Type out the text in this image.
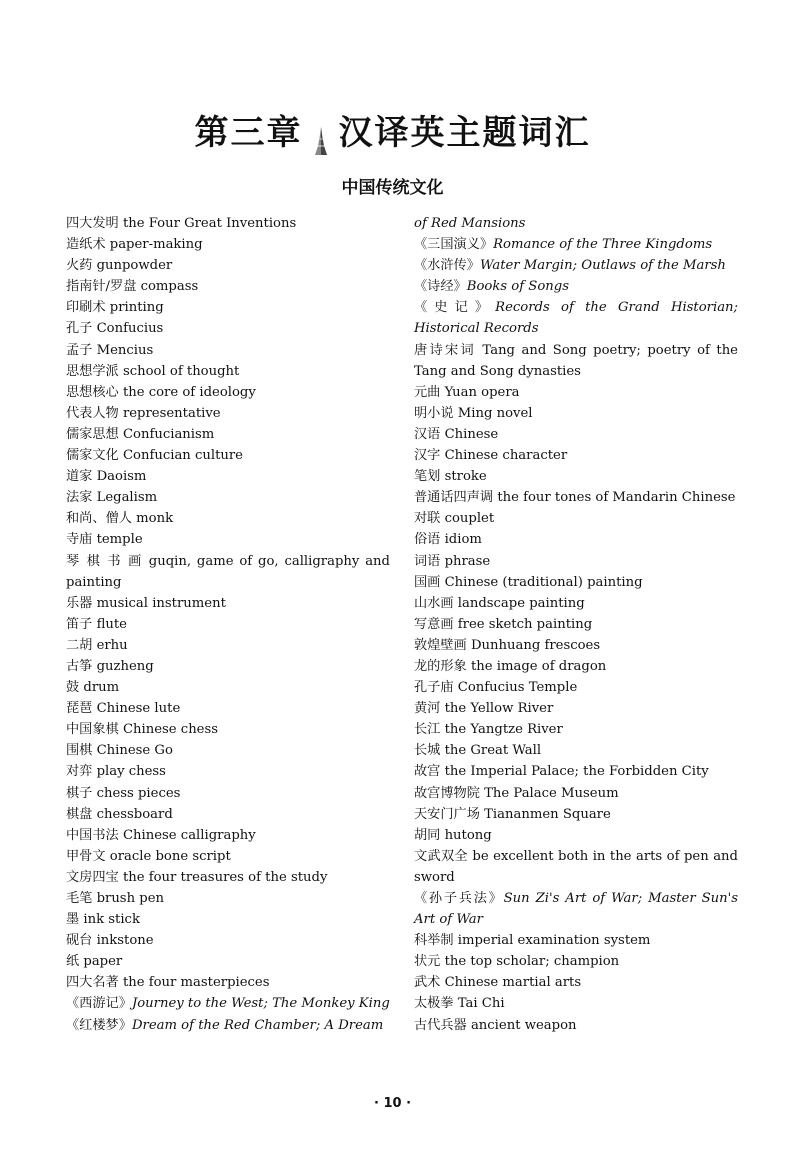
第三章 汉译英主题词汇
中国传统文化

四大发明 the Four Great Inventions

造纸术 paper-making

火药 gunpowder

指南针/罗盘 compass

印刷术 printing

孔子 Confucius

孟子 Mencius

思想学派 school of thought

思想核心 the core of ideology

代表人物 representative

儒家思想 Confucianism

儒家文化 Confucian culture

道家 Daoism

法家 Legalism

和尚、僧人 monk

寺庙 temple

琴 棋 书 画 guqin, game of go, calligraphy and painting

乐器 musical instrument

笛子 flute

二胡 erhu

古筝 guzheng

鼓 drum

琵琶 Chinese lute

中国象棋 Chinese chess

围棋 Chinese Go

对弈 play chess

棋子 chess pieces

棋盘 chessboard

中国书法 Chinese calligraphy

甲骨文 oracle bone script

文房四宝 the four treasures of the study

毛笔 brush pen

墨 ink stick

砚台 inkstone

纸 paper

四大名著 the four masterpieces

《西游记》Journey to the West; The Monkey King

《红楼梦》Dream of the Red Chamber; A Dream

of Red Mansions

《三国演义》Romance of the Three Kingdoms

《水浒传》Water Margin; Outlaws of the Marsh

《诗经》Books of Songs

《史记》Records of the Grand Historian; Historical Records

唐诗宋词 Tang and Song poetry; poetry of the Tang and Song dynasties

元曲 Yuan opera

明小说 Ming novel

汉语 Chinese

汉字 Chinese character

笔划 stroke

普通话四声调 the four tones of Mandarin Chinese

对联 couplet

俗语 idiom

词语 phrase

国画 Chinese (traditional) painting

山水画 landscape painting

写意画 free sketch painting

敦煌壁画 Dunhuang frescoes

龙的形象 the image of dragon

孔子庙 Confucius Temple

黄河 the Yellow River

长江 the Yangtze River

长城 the Great Wall

故宫 the Imperial Palace; the Forbidden City

故宫博物院 The Palace Museum

天安门广场 Tiananmen Square

胡同 hutong

文武双全 be excellent both in the arts of pen and sword

《孙子兵法》Sun Zi's Art of War; Master Sun's Art of War

科举制 imperial examination system

状元 the top scholar; champion

武术 Chinese martial arts

太极拳 Tai Chi

古代兵器 ancient weapon

· 10 ·
